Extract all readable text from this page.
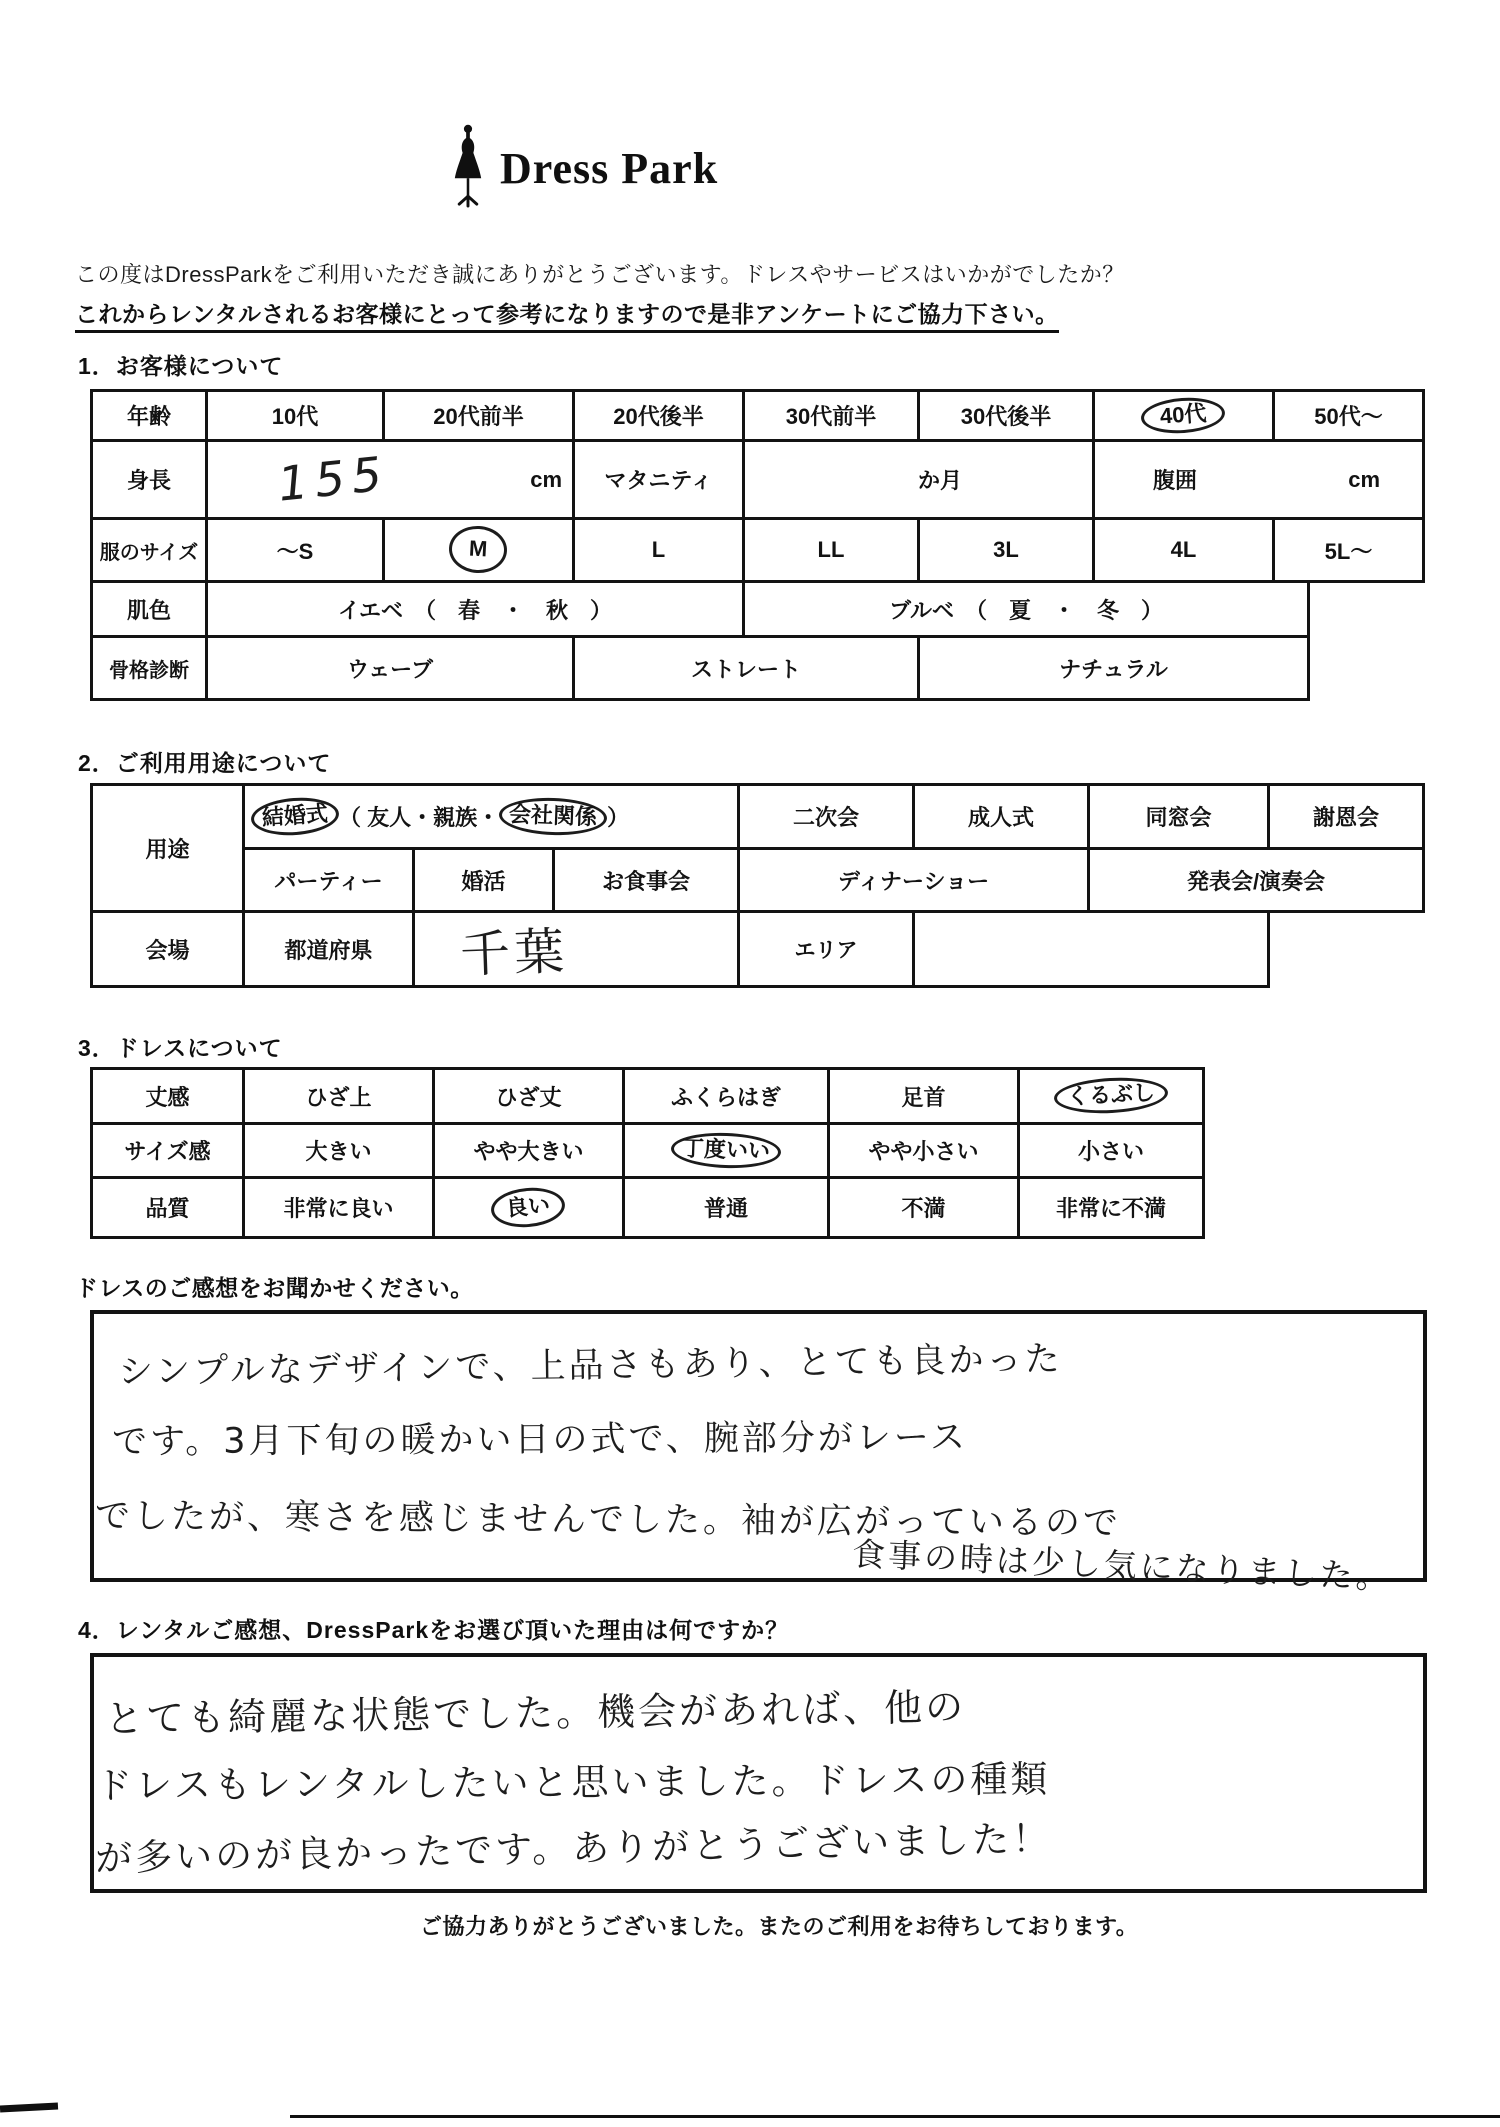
Dress Park
この度はDressParkをご利用いただき誠にありがとうございます。ドレスやサービスはいかがでしたか？
これからレンタルされるお客様にとって参考になりますので是非アンケートにご協力下さい。
1．お客様について
年齢	10代	20代前半	20代後半	30代前半	30代後半	40代	50代～
身長	155	cm	マタニティ	か月	腹囲	cm
服のサイズ	～S	M	L	LL	3L	4L	5L～
肌色	イエベ　（　春　・　秋　）	ブルベ　（　夏　・　冬　）
骨格診断	ウェーブ	ストレート	ナチュラル
2．ご利用用途について
用途
結婚式 （ 友人・親族・ 会社関係 ）	二次会	成人式	同窓会	謝恩会
パーティー	婚活	お食事会	ディナーショー	発表会/演奏会
会場	都道府県	千葉	エリア
3．ドレスについて
丈感	ひざ上	ひざ丈	ふくらはぎ	足首	くるぶし
サイズ感	大きい	やや大きい	丁度いい	やや小さい	小さい
品質	非常に良い	良い	普通	不満	非常に不満
ドレスのご感想をお聞かせください。
シンプルなデザインで、上品さもあり、とても良かった
です。3月下旬の暖かい日の式で、腕部分がレース
でしたが、寒さを感じませんでした。袖が広がっているので
食事の時は少し気になりました。
4．レンタルご感想、DressParkをお選び頂いた理由は何ですか？
とても綺麗な状態でした。機会があれば、他の
ドレスもレンタルしたいと思いました。ドレスの種類
が多いのが良かったです。ありがとうございました！
ご協力ありがとうございました。またのご利用をお待ちしております。
